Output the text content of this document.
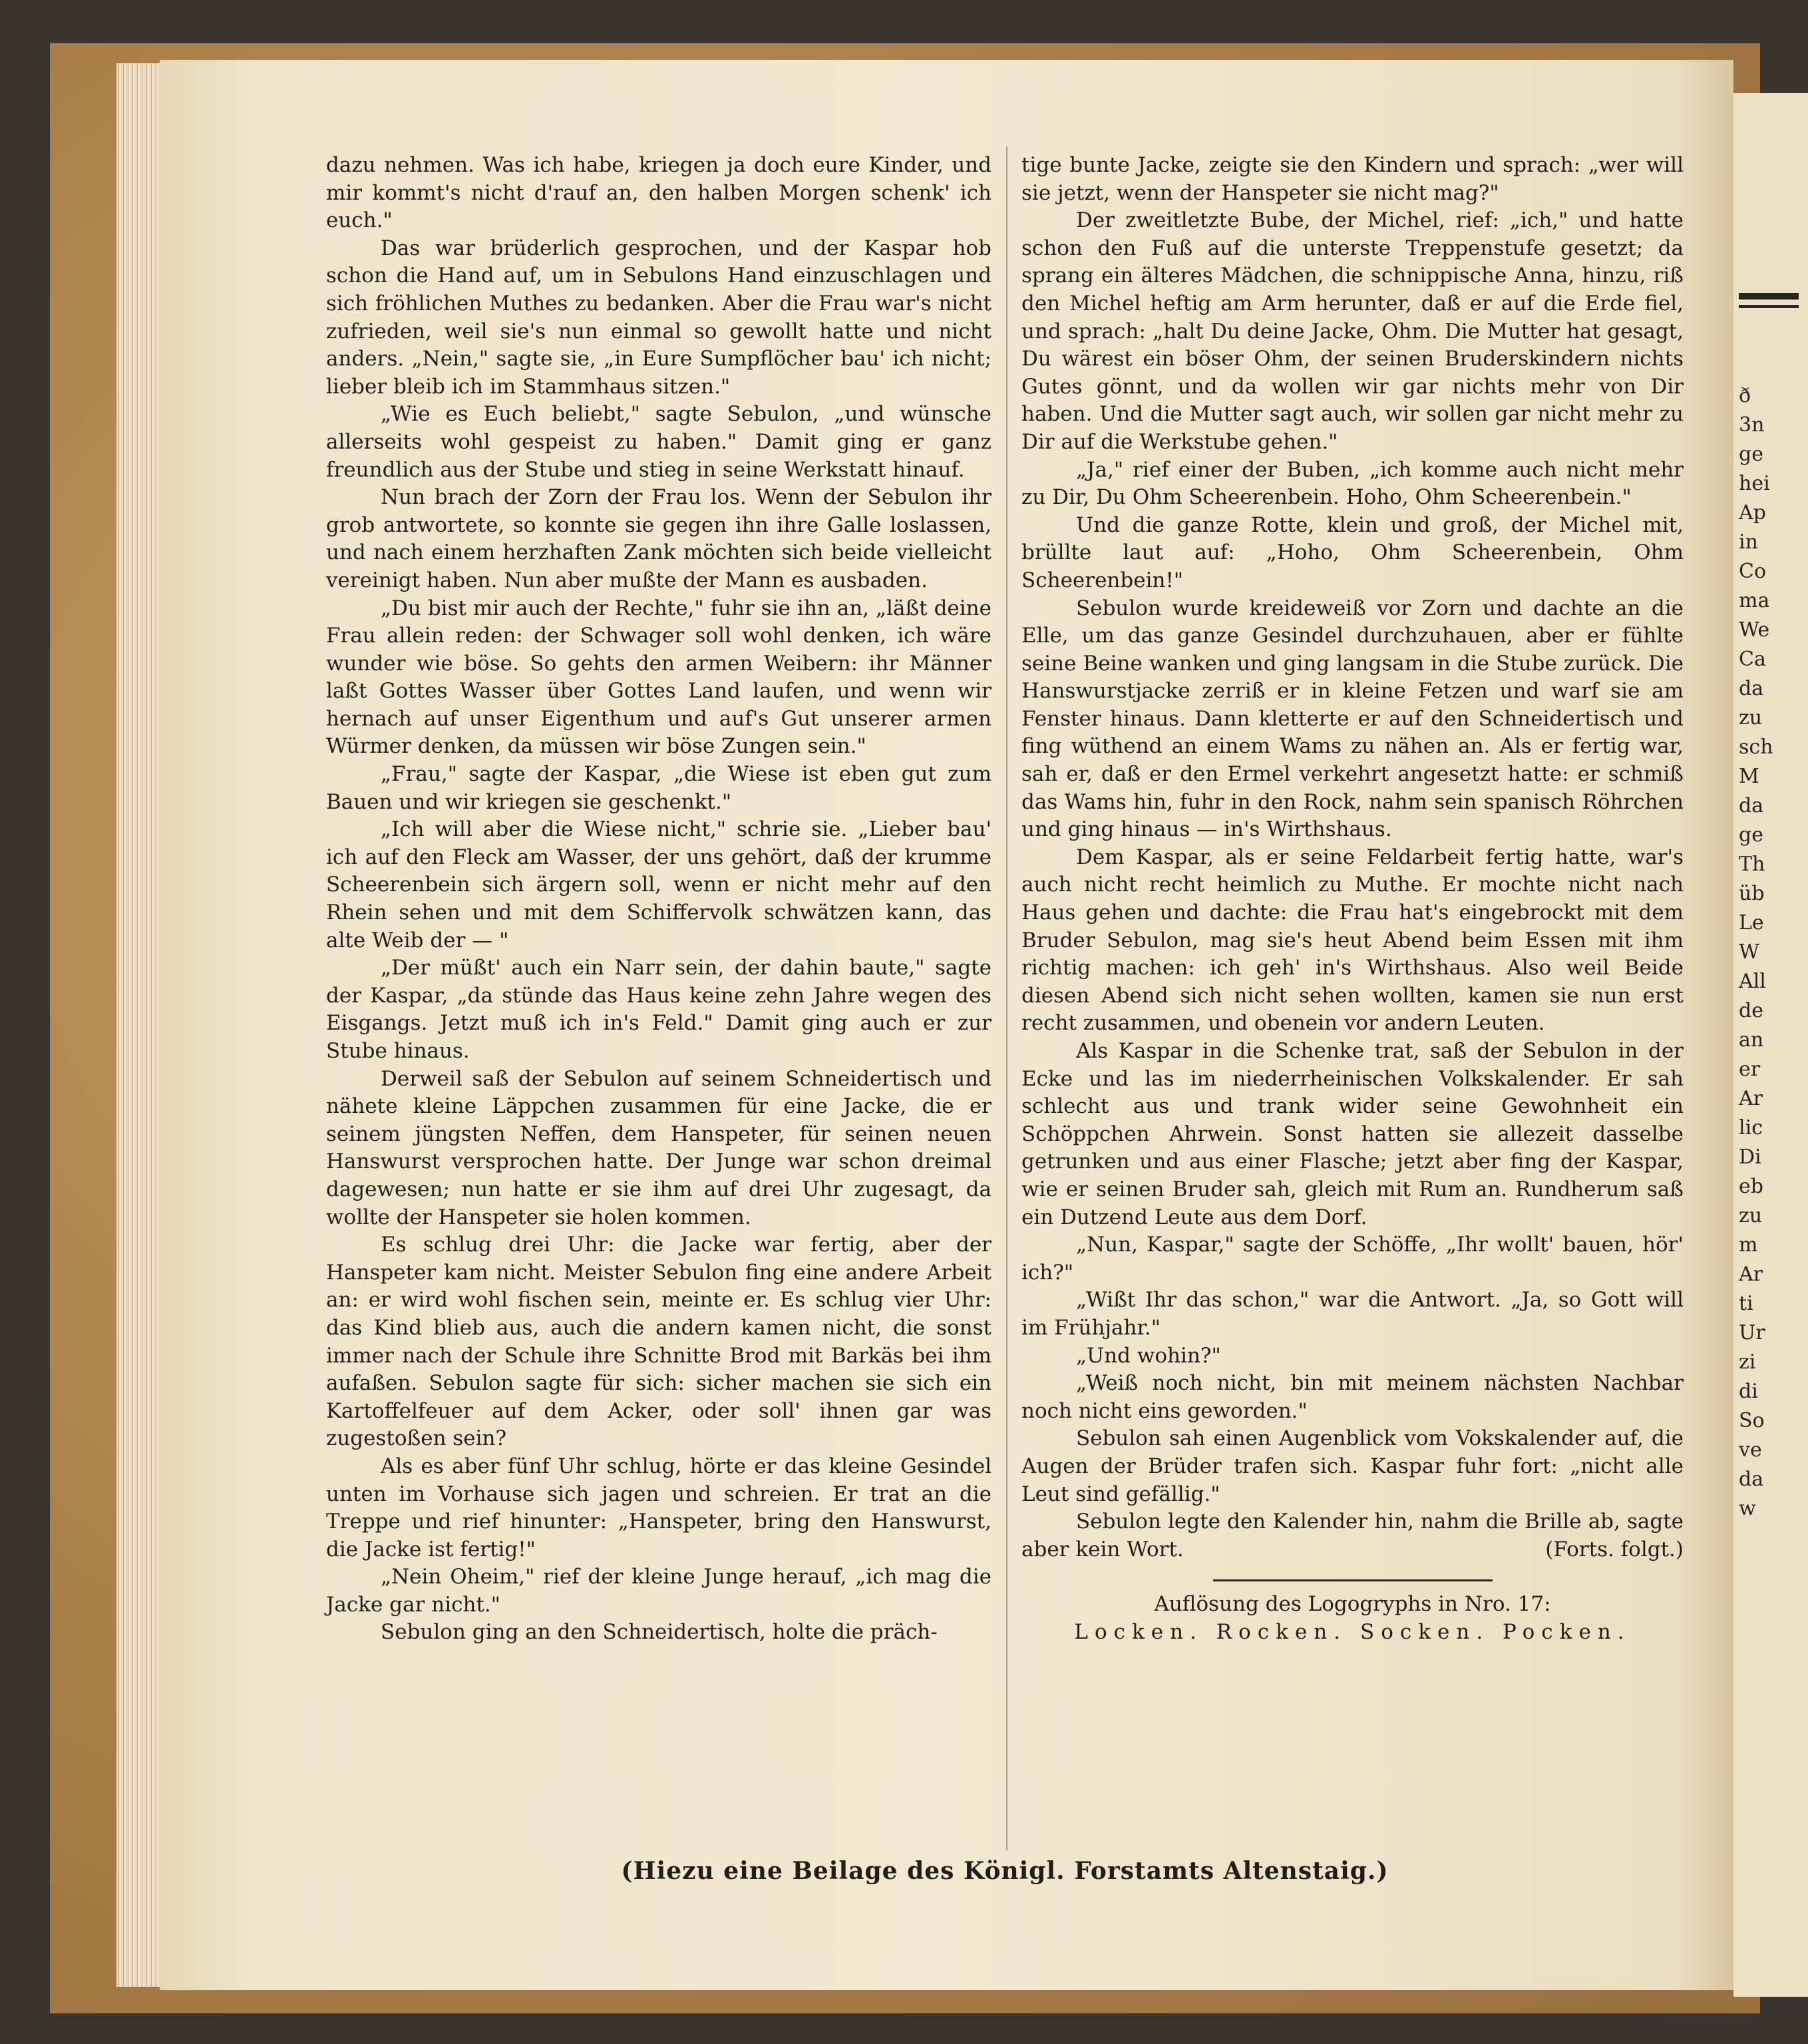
ð
3n
ge
hei
Ap
in
Co
ma
We
Ca
da
zu
sch
M
da
ge
Th
üb
Le
W
All
de
an
er
Ar
lic
Di
eb
zu
m
Ar
ti
Ur
zi
di
So
ve
da
w

dazu nehmen. Was ich habe, kriegen ja doch eure Kinder, und mir kommt's nicht d'rauf an, den halben Morgen schenk' ich euch."

Das war brüderlich gesprochen, und der Kaspar hob schon die Hand auf, um in Sebulons Hand einzuschlagen und sich fröhlichen Muthes zu bedanken. Aber die Frau war's nicht zufrieden, weil sie's nun einmal so gewollt hatte und nicht anders. „Nein," sagte sie, „in Eure Sumpflöcher bau' ich nicht; lieber bleib ich im Stammhaus sitzen."

„Wie es Euch beliebt," sagte Sebulon, „und wünsche allerseits wohl gespeist zu haben." Damit ging er ganz freundlich aus der Stube und stieg in seine Werkstatt hinauf.

Nun brach der Zorn der Frau los. Wenn der Sebulon ihr grob antwortete, so konnte sie gegen ihn ihre Galle loslassen, und nach einem herzhaften Zank möchten sich beide vielleicht vereinigt haben. Nun aber mußte der Mann es ausbaden.

„Du bist mir auch der Rechte," fuhr sie ihn an, „läßt deine Frau allein reden: der Schwager soll wohl denken, ich wäre wunder wie böse. So gehts den armen Weibern: ihr Männer laßt Gottes Wasser über Gottes Land laufen, und wenn wir hernach auf unser Eigenthum und auf's Gut unserer armen Würmer denken, da müssen wir böse Zungen sein."

„Frau," sagte der Kaspar, „die Wiese ist eben gut zum Bauen und wir kriegen sie geschenkt."

„Ich will aber die Wiese nicht," schrie sie. „Lieber bau' ich auf den Fleck am Wasser, der uns gehört, daß der krumme Scheerenbein sich ärgern soll, wenn er nicht mehr auf den Rhein sehen und mit dem Schiffervolk schwätzen kann, das alte Weib der — "

„Der müßt' auch ein Narr sein, der dahin baute," sagte der Kaspar, „da stünde das Haus keine zehn Jahre wegen des Eisgangs. Jetzt muß ich in's Feld." Damit ging auch er zur Stube hinaus.

Derweil saß der Sebulon auf seinem Schneidertisch und nähete kleine Läppchen zusammen für eine Jacke, die er seinem jüngsten Neffen, dem Hanspeter, für seinen neuen Hanswurst versprochen hatte. Der Junge war schon dreimal dagewesen; nun hatte er sie ihm auf drei Uhr zugesagt, da wollte der Hanspeter sie holen kommen.

Es schlug drei Uhr: die Jacke war fertig, aber der Hanspeter kam nicht. Meister Sebulon fing eine andere Arbeit an: er wird wohl fischen sein, meinte er. Es schlug vier Uhr: das Kind blieb aus, auch die andern kamen nicht, die sonst immer nach der Schule ihre Schnitte Brod mit Barkäs bei ihm aufaßen. Sebulon sagte für sich: sicher machen sie sich ein Kartoffelfeuer auf dem Acker, oder soll' ihnen gar was zugestoßen sein?

Als es aber fünf Uhr schlug, hörte er das kleine Gesindel unten im Vorhause sich jagen und schreien. Er trat an die Treppe und rief hinunter: „Hanspeter, bring den Hanswurst, die Jacke ist fertig!"

„Nein Oheim," rief der kleine Junge herauf, „ich mag die Jacke gar nicht."

Sebulon ging an den Schneidertisch, holte die präch-

tige bunte Jacke, zeigte sie den Kindern und sprach: „wer will sie jetzt, wenn der Hanspeter sie nicht mag?"

Der zweitletzte Bube, der Michel, rief: „ich," und hatte schon den Fuß auf die unterste Treppenstufe gesetzt; da sprang ein älteres Mädchen, die schnippische Anna, hinzu, riß den Michel heftig am Arm herunter, daß er auf die Erde fiel, und sprach: „halt Du deine Jacke, Ohm. Die Mutter hat gesagt, Du wärest ein böser Ohm, der seinen Bruderskindern nichts Gutes gönnt, und da wollen wir gar nichts mehr von Dir haben. Und die Mutter sagt auch, wir sollen gar nicht mehr zu Dir auf die Werkstube gehen."

„Ja," rief einer der Buben, „ich komme auch nicht mehr zu Dir, Du Ohm Scheerenbein. Hoho, Ohm Scheerenbein."

Und die ganze Rotte, klein und groß, der Michel mit, brüllte laut auf: „Hoho, Ohm Scheerenbein, Ohm Scheerenbein!"

Sebulon wurde kreideweiß vor Zorn und dachte an die Elle, um das ganze Gesindel durchzuhauen, aber er fühlte seine Beine wanken und ging langsam in die Stube zurück. Die Hanswurstjacke zerriß er in kleine Fetzen und warf sie am Fenster hinaus. Dann kletterte er auf den Schneidertisch und fing wüthend an einem Wams zu nähen an. Als er fertig war, sah er, daß er den Ermel verkehrt angesetzt hatte: er schmiß das Wams hin, fuhr in den Rock, nahm sein spanisch Röhrchen und ging hinaus — in's Wirthshaus.

Dem Kaspar, als er seine Feldarbeit fertig hatte, war's auch nicht recht heimlich zu Muthe. Er mochte nicht nach Haus gehen und dachte: die Frau hat's eingebrockt mit dem Bruder Sebulon, mag sie's heut Abend beim Essen mit ihm richtig machen: ich geh' in's Wirthshaus. Also weil Beide diesen Abend sich nicht sehen wollten, kamen sie nun erst recht zusammen, und obenein vor andern Leuten.

Als Kaspar in die Schenke trat, saß der Sebulon in der Ecke und las im niederrheinischen Volkskalender. Er sah schlecht aus und trank wider seine Gewohnheit ein Schöppchen Ahrwein. Sonst hatten sie allezeit dasselbe getrunken und aus einer Flasche; jetzt aber fing der Kaspar, wie er seinen Bruder sah, gleich mit Rum an. Rundherum saß ein Dutzend Leute aus dem Dorf.

„Nun, Kaspar," sagte der Schöffe, „Ihr wollt' bauen, hör' ich?"

„Wißt Ihr das schon," war die Antwort. „Ja, so Gott will im Frühjahr."

„Und wohin?"

„Weiß noch nicht, bin mit meinem nächsten Nachbar noch nicht eins geworden."

Sebulon sah einen Augenblick vom Vokskalender auf, die Augen der Brüder trafen sich. Kaspar fuhr fort: „nicht alle Leut sind gefällig."

Sebulon legte den Kalender hin, nahm die Brille ab, sagte aber kein Wort.	(Forts. folgt.)

Auflösung des Logogryphs in Nro. 17:

Locken. Rocken. Socken. Pocken.

(Hiezu eine Beilage des Königl. Forstamts Altenstaig.)
